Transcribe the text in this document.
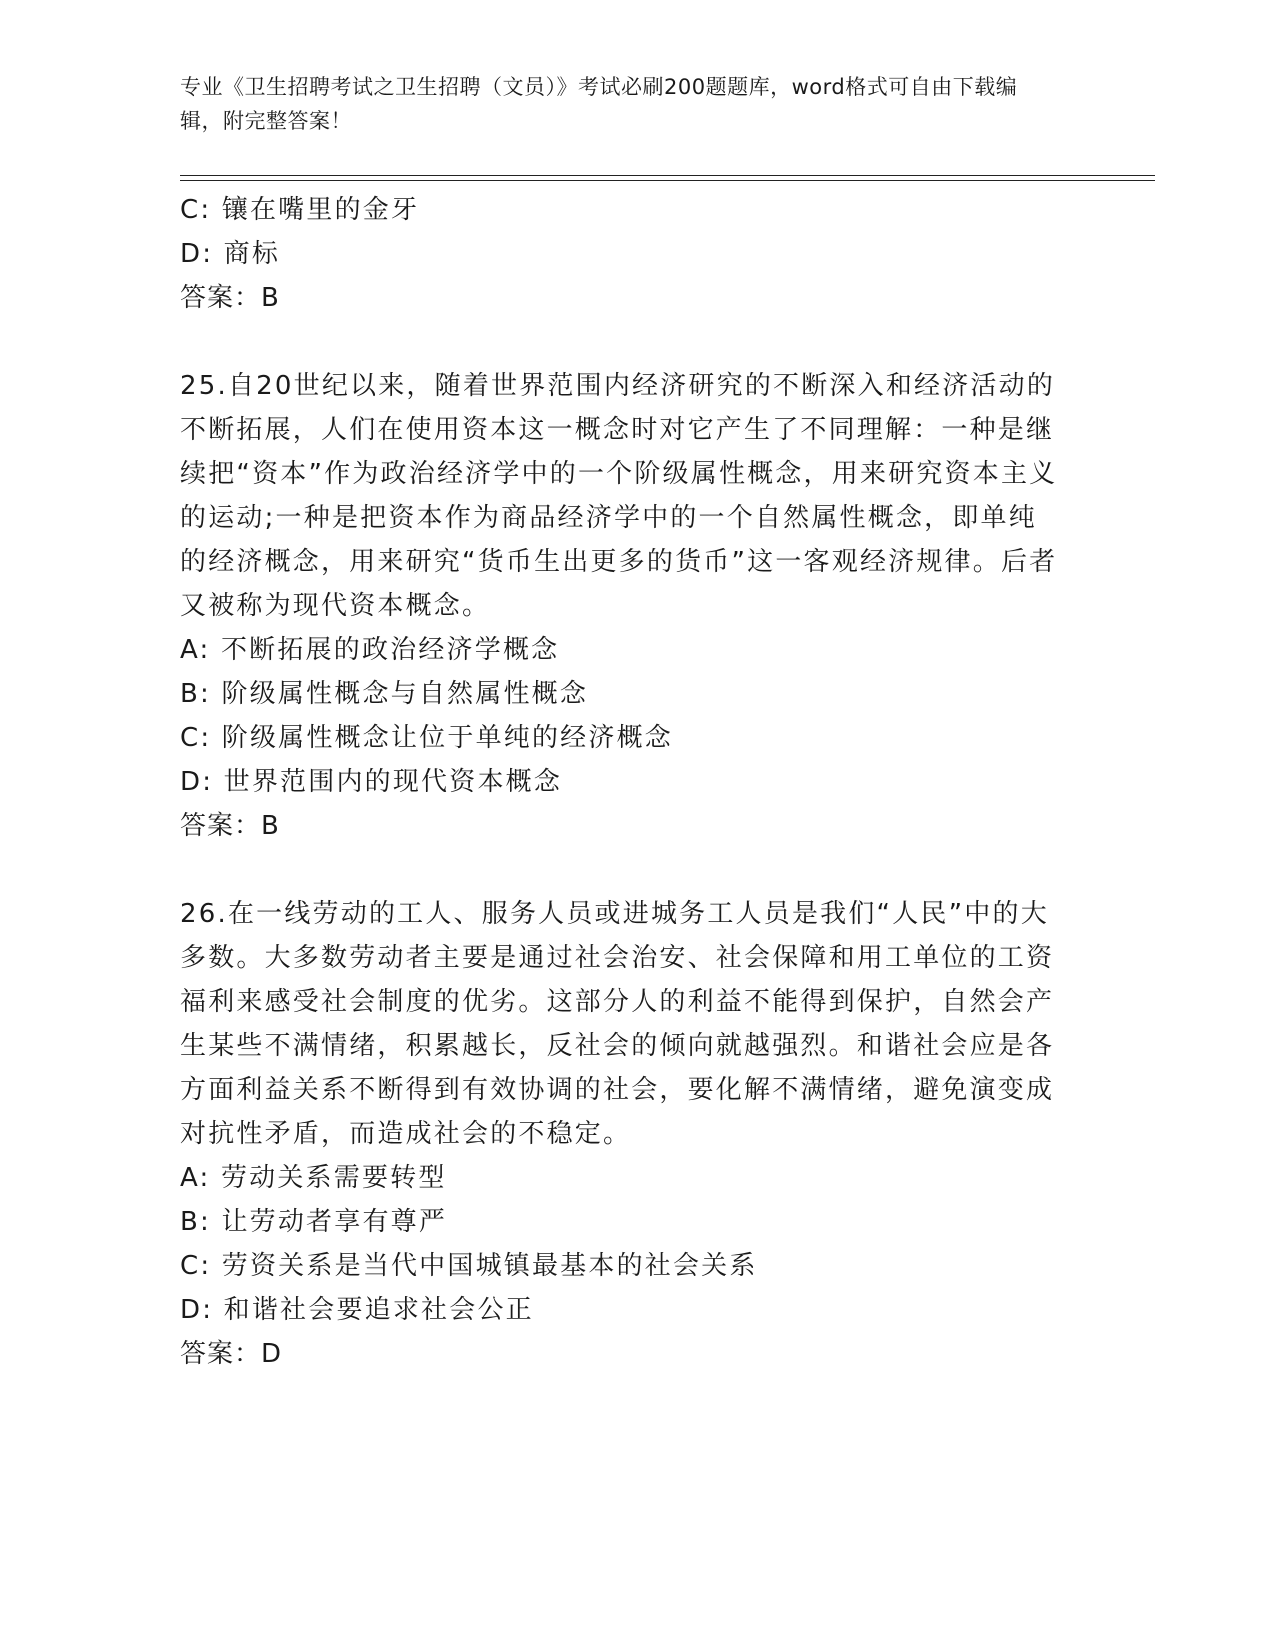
专业《卫生招聘考试之卫生招聘（文员）》考试必刷200题题库，word格式可自由下载编辑，附完整答案！
C: 镶在嘴里的金牙
D: 商标
答案：B
25.自20世纪以来，随着世界范围内经济研究的不断深入和经济活动的不断拓展，人们在使用资本这一概念时对它产生了不同理解：一种是继续把“资本”作为政治经济学中的一个阶级属性概念，用来研究资本主义的运动;一种是把资本作为商品经济学中的一个自然属性概念，即单纯的经济概念，用来研究“货币生出更多的货币”这一客观经济规律。后者又被称为现代资本概念。
A: 不断拓展的政治经济学概念
B: 阶级属性概念与自然属性概念
C: 阶级属性概念让位于单纯的经济概念
D: 世界范围内的现代资本概念
答案：B
26.在一线劳动的工人、服务人员或进城务工人员是我们“人民”中的大多数。大多数劳动者主要是通过社会治安、社会保障和用工单位的工资福利来感受社会制度的优劣。这部分人的利益不能得到保护，自然会产生某些不满情绪，积累越长，反社会的倾向就越强烈。和谐社会应是各方面利益关系不断得到有效协调的社会，要化解不满情绪，避免演变成对抗性矛盾，而造成社会的不稳定。
A: 劳动关系需要转型
B: 让劳动者享有尊严
C: 劳资关系是当代中国城镇最基本的社会关系
D: 和谐社会要追求社会公正
答案：D
